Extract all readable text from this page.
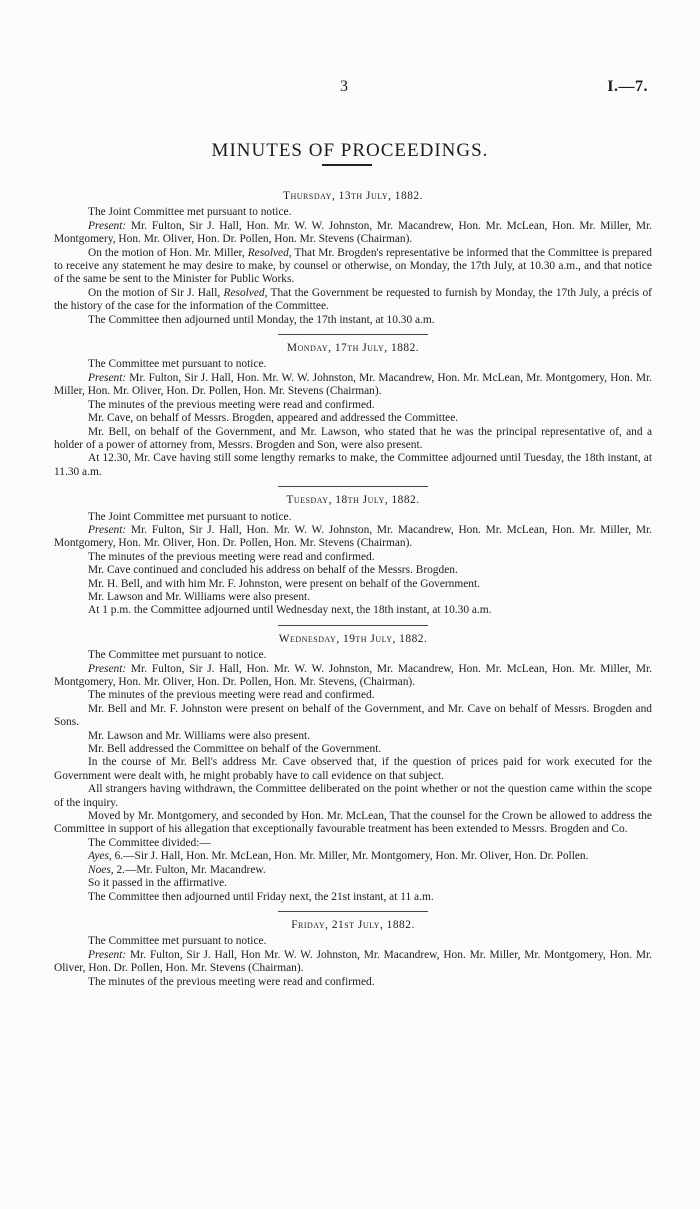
3	I.—7.
MINUTES OF PROCEEDINGS.
Thursday, 13th July, 1882.

The Joint Committee met pursuant to notice.

Present: Mr. Fulton, Sir J. Hall, Hon. Mr. W. W. Johnston, Mr. Macandrew, Hon. Mr. McLean, Hon. Mr. Miller, Mr. Montgomery, Hon. Mr. Oliver, Hon. Dr. Pollen, Hon. Mr. Stevens (Chairman).

On the motion of Hon. Mr. Miller, Resolved, That Mr. Brogden's representative be informed that the Committee is prepared to receive any statement he may desire to make, by counsel or otherwise, on Monday, the 17th July, at 10.30 a.m., and that notice of the same be sent to the Minister for Public Works.

On the motion of Sir J. Hall, Resolved, That the Government be requested to furnish by Monday, the 17th July, a précis of the history of the case for the information of the Committee.

The Committee then adjourned until Monday, the 17th instant, at 10.30 a.m.

Monday, 17th July, 1882.

The Committee met pursuant to notice.

Present: Mr. Fulton, Sir J. Hall, Hon. Mr. W. W. Johnston, Mr. Macandrew, Hon. Mr. McLean, Mr. Montgomery, Hon. Mr. Miller, Hon. Mr. Oliver, Hon. Dr. Pollen, Hon. Mr. Stevens (Chairman).

The minutes of the previous meeting were read and confirmed.

Mr. Cave, on behalf of Messrs. Brogden, appeared and addressed the Committee.

Mr. Bell, on behalf of the Government, and Mr. Lawson, who stated that he was the principal representative of, and a holder of a power of attorney from, Messrs. Brogden and Son, were also present.

At 12.30, Mr. Cave having still some lengthy remarks to make, the Committee adjourned until Tuesday, the 18th instant, at 11.30 a.m.

Tuesday, 18th July, 1882.

The Joint Committee met pursuant to notice.

Present: Mr. Fulton, Sir J. Hall, Hon. Mr. W. W. Johnston, Mr. Macandrew, Hon. Mr. McLean, Hon. Mr. Miller, Mr. Montgomery, Hon. Mr. Oliver, Hon. Dr. Pollen, Hon. Mr. Stevens (Chairman).

The minutes of the previous meeting were read and confirmed.

Mr. Cave continued and concluded his address on behalf of the Messrs. Brogden.

Mr. H. Bell, and with him Mr. F. Johnston, were present on behalf of the Government.

Mr. Lawson and Mr. Williams were also present.

At 1 p.m. the Committee adjourned until Wednesday next, the 18th instant, at 10.30 a.m.

Wednesday, 19th July, 1882.

The Committee met pursuant to notice.

Present: Mr. Fulton, Sir J. Hall, Hon. Mr. W. W. Johnston, Mr. Macandrew, Hon. Mr. McLean, Hon. Mr. Miller, Mr. Montgomery, Hon. Mr. Oliver, Hon. Dr. Pollen, Hon. Mr. Stevens, (Chairman).

The minutes of the previous meeting were read and confirmed.

Mr. Bell and Mr. F. Johnston were present on behalf of the Government, and Mr. Cave on behalf of Messrs. Brogden and Sons.

Mr. Lawson and Mr. Williams were also present.

Mr. Bell addressed the Committee on behalf of the Government.

In the course of Mr. Bell's address Mr. Cave observed that, if the question of prices paid for work executed for the Government were dealt with, he might probably have to call evidence on that subject.

All strangers having withdrawn, the Committee deliberated on the point whether or not the question came within the scope of the inquiry.

Moved by Mr. Montgomery, and seconded by Hon. Mr. McLean, That the counsel for the Crown be allowed to address the Committee in support of his allegation that exceptionally favourable treatment has been extended to Messrs. Brogden and Co.

The Committee divided:—

Ayes, 6.—Sir J. Hall, Hon. Mr. McLean, Hon. Mr. Miller, Mr. Montgomery, Hon. Mr. Oliver, Hon. Dr. Pollen.

Noes, 2.—Mr. Fulton, Mr. Macandrew.

So it passed in the affirmative.

The Committee then adjourned until Friday next, the 21st instant, at 11 a.m.

Friday, 21st July, 1882.

The Committee met pursuant to notice.

Present: Mr. Fulton, Sir J. Hall, Hon Mr. W. W. Johnston, Mr. Macandrew, Hon. Mr. Miller, Mr. Montgomery, Hon. Mr. Oliver, Hon. Dr. Pollen, Hon. Mr. Stevens (Chairman).

The minutes of the previous meeting were read and confirmed.
